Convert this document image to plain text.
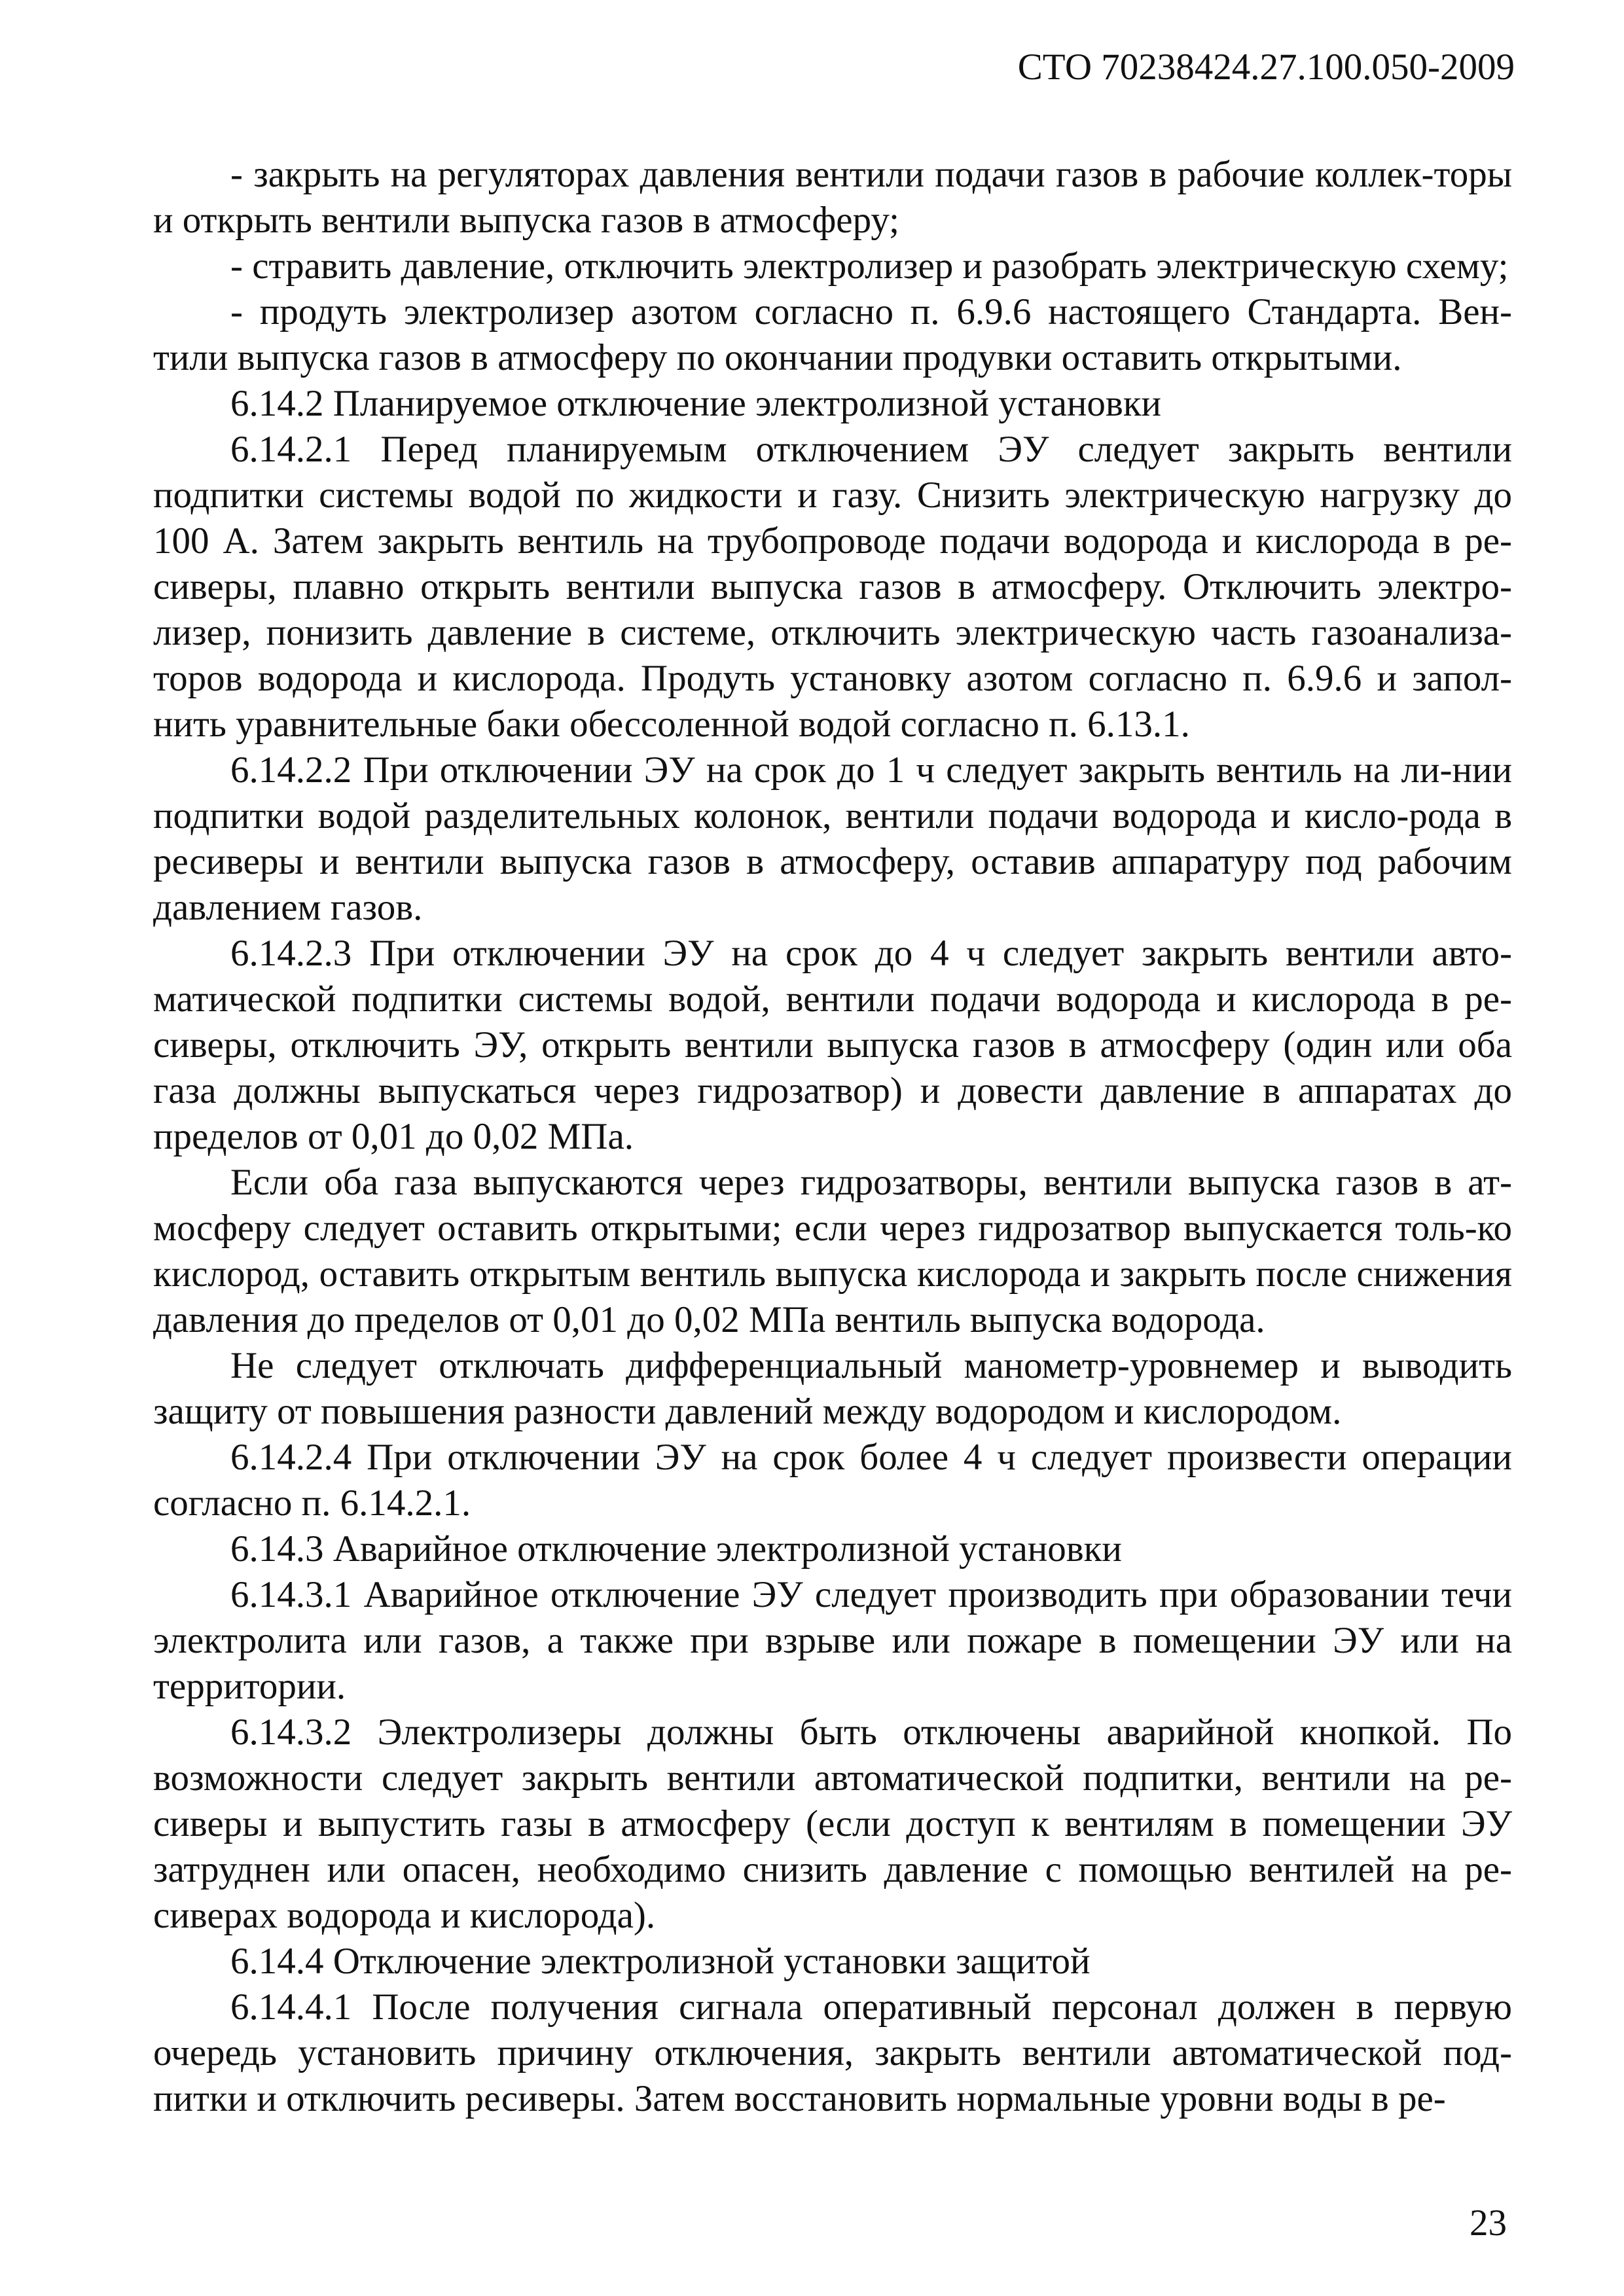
СТО 70238424.27.100.050-2009

- закрыть на регуляторах давления вентили подачи газов в рабочие коллек-торы и открыть вентили выпуска газов в атмосферу;

- стравить давление, отключить электролизер и разобрать электрическую схему;

- продуть электролизер азотом согласно п. 6.9.6 настоящего Стандарта. Вен-тили выпуска газов в атмосферу по окончании продувки оставить открытыми.

6.14.2 Планируемое отключение электролизной установки

6.14.2.1 Перед планируемым отключением ЭУ следует закрыть вентили подпитки системы водой по жидкости и газу. Снизить электрическую нагрузку до 100 А. Затем закрыть вентиль на трубопроводе подачи водорода и кислорода в ре-сиверы, плавно открыть вентили выпуска газов в атмосферу. Отключить электро-лизер, понизить давление в системе, отключить электрическую часть газоанализа-торов водорода и кислорода. Продуть установку азотом согласно п. 6.9.6 и запол-нить уравнительные баки обессоленной водой согласно п. 6.13.1.

6.14.2.2 При отключении ЭУ на срок до 1 ч следует закрыть вентиль на ли-нии подпитки водой разделительных колонок, вентили подачи водорода и кисло-рода в ресиверы и вентили выпуска газов в атмосферу, оставив аппаратуру под рабочим давлением газов.

6.14.2.3 При отключении ЭУ на срок до 4 ч следует закрыть вентили авто-матической подпитки системы водой, вентили подачи водорода и кислорода в ре-сиверы, отключить ЭУ, открыть вентили выпуска газов в атмосферу (один или оба газа должны выпускаться через гидрозатвор) и довести давление в аппаратах до пределов от 0,01 до 0,02 МПа.

Если оба газа выпускаются через гидрозатворы, вентили выпуска газов в ат-мосферу следует оставить открытыми; если через гидрозатвор выпускается толь-ко кислород, оставить открытым вентиль выпуска кислорода и закрыть после снижения давления до пределов от 0,01 до 0,02 МПа вентиль выпуска водорода.

Не следует отключать дифференциальный манометр-уровнемер и выводить защиту от повышения разности давлений между водородом и кислородом.

6.14.2.4 При отключении ЭУ на срок более 4 ч следует произвести операции согласно п. 6.14.2.1.

6.14.3 Аварийное отключение электролизной установки

6.14.3.1 Аварийное отключение ЭУ следует производить при образовании течи электролита или газов, а также при взрыве или пожаре в помещении ЭУ или на территории.

6.14.3.2 Электролизеры должны быть отключены аварийной кнопкой. По возможности следует закрыть вентили автоматической подпитки, вентили на ре-сиверы и выпустить газы в атмосферу (если доступ к вентилям в помещении ЭУ затруднен или опасен, необходимо снизить давление с помощью вентилей на ре-сиверах водорода и кислорода).

6.14.4 Отключение электролизной установки защитой

6.14.4.1 После получения сигнала оперативный персонал должен в первую очередь установить причину отключения, закрыть вентили автоматической под-питки и отключить ресиверы. Затем восстановить нормальные уровни воды в ре-

23
